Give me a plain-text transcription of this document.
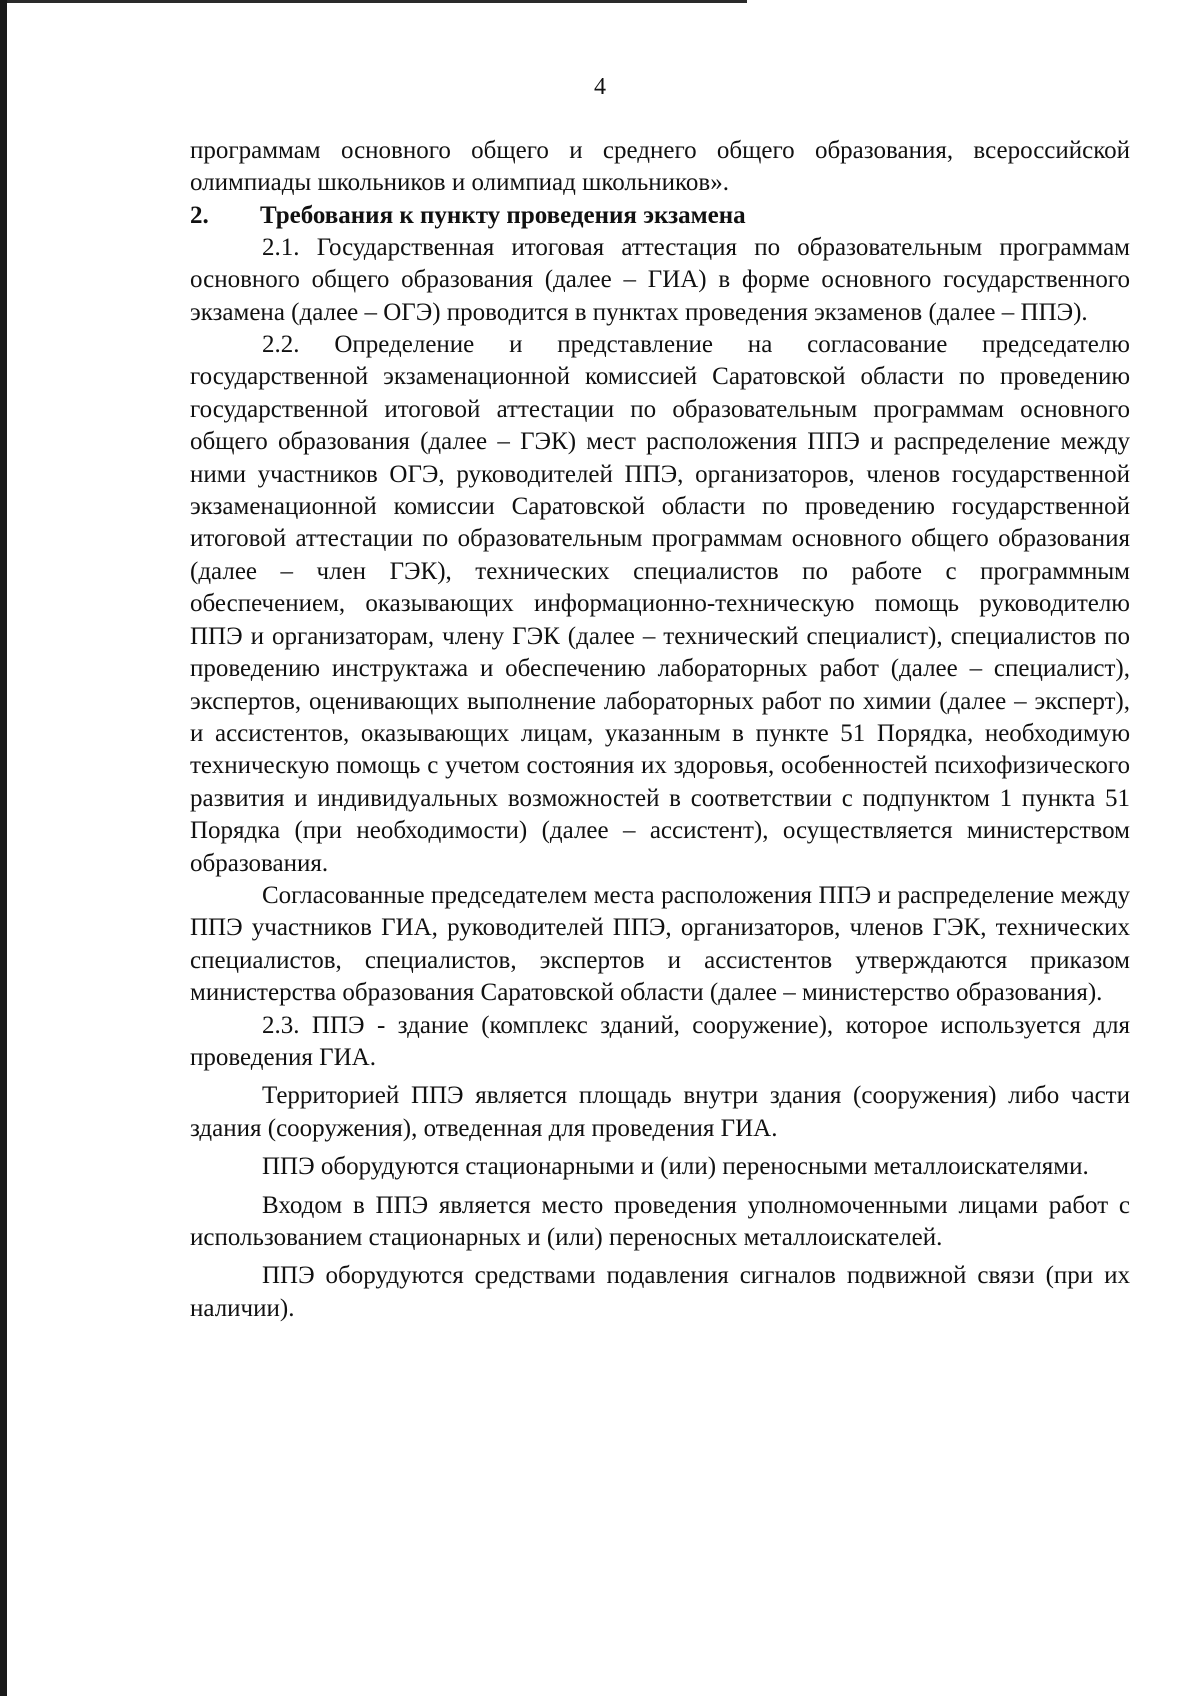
4

программам основного общего и среднего общего образования, всероссийской олимпиады школьников и олимпиад школьников».

2. Требования к пункту проведения экзамена

2.1. Государственная итоговая аттестация по образовательным программам основного общего образования (далее – ГИА) в форме основного государственного экзамена (далее – ОГЭ) проводится в пунктах проведения экзаменов (далее – ППЭ).

2.2. Определение и представление на согласование председателю государственной экзаменационной комиссией Саратовской области по проведению государственной итоговой аттестации по образовательным программам основного общего образования (далее – ГЭК) мест расположения ППЭ и распределение между ними участников ОГЭ, руководителей ППЭ, организаторов, членов государственной экзаменационной комиссии Саратовской области по проведению государственной итоговой аттестации по образовательным программам основного общего образования (далее – член ГЭК), технических специалистов по работе с программным обеспечением, оказывающих информационно-техническую помощь руководителю ППЭ и организаторам, члену ГЭК (далее – технический специалист), специалистов по проведению инструктажа и обеспечению лабораторных работ (далее – специалист), экспертов, оценивающих выполнение лабораторных работ по химии (далее – эксперт), и ассистентов, оказывающих лицам, указанным в пункте 51 Порядка, необходимую техническую помощь с учетом состояния их здоровья, особенностей психофизического развития и индивидуальных возможностей в соответствии с подпунктом 1 пункта 51 Порядка (при необходимости) (далее – ассистент), осуществляется министерством образования.

Согласованные председателем места расположения ППЭ и распределение между ППЭ участников ГИА, руководителей ППЭ, организаторов, членов ГЭК, технических специалистов, специалистов, экспертов и ассистентов утверждаются приказом министерства образования Саратовской области (далее – министерство образования).

2.3. ППЭ - здание (комплекс зданий, сооружение), которое используется для проведения ГИА.

Территорией ППЭ является площадь внутри здания (сооружения) либо части здания (сооружения), отведенная для проведения ГИА.

ППЭ оборудуются стационарными и (или) переносными металлоискателями.

Входом в ППЭ является место проведения уполномоченными лицами работ с использованием стационарных и (или) переносных металлоискателей.

ППЭ оборудуются средствами подавления сигналов подвижной связи (при их наличии).
